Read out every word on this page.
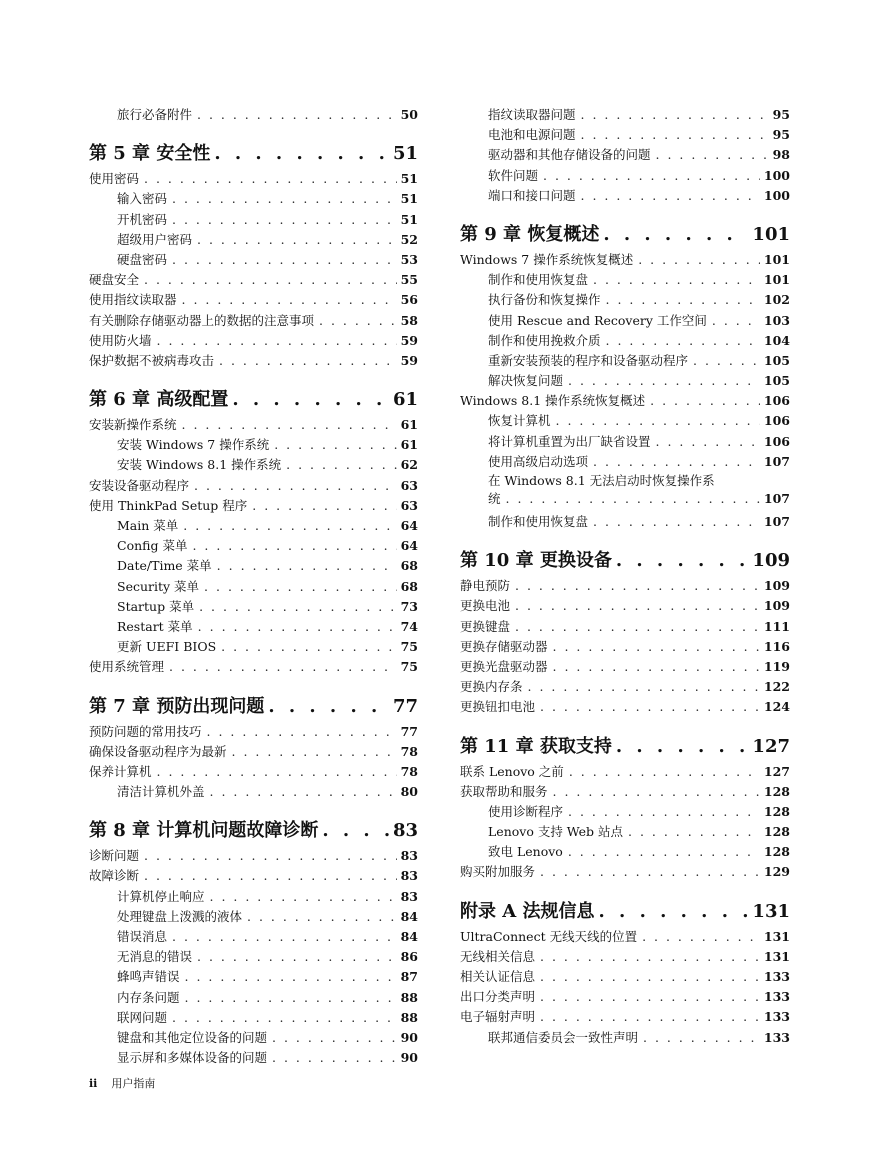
旅行必备附件 . . .	50
第 5 章 安全性 . . .	51
使用密码 . . .	51
输入密码 . . .	51
开机密码 . . .	51
超级用户密码 . . .	52
硬盘密码 . . .	53
硬盘安全 . . .	55
使用指纹读取器 . . .	56
有关删除存储驱动器上的数据的注意事项 . . .	58
使用防火墙 . . .	59
保护数据不被病毒攻击 . . .	59
第 6 章 高级配置 . . .	61
安装新操作系统 . . .	61
安装 Windows 7 操作系统 . . .	61
安装 Windows 8.1 操作系统 . . .	62
安装设备驱动程序 . . .	63
使用 ThinkPad Setup 程序 . . .	63
Main 菜单 . . .	64
Config 菜单 . . .	64
Date/Time 菜单 . . .	68
Security 菜单 . . .	68
Startup 菜单 . . .	73
Restart 菜单 . . .	74
更新 UEFI BIOS . . .	75
使用系统管理 . . .	75
第 7 章 预防出现问题 . . .	77
预防问题的常用技巧 . . .	77
确保设备驱动程序为最新 . . .	78
保养计算机 . . .	78
清洁计算机外盖 . . .	80
第 8 章 计算机问题故障诊断 . . .	83
诊断问题 . . .	83
故障诊断 . . .	83
计算机停止响应 . . .	83
处理键盘上泼溅的液体 . . .	84
错误消息 . . .	84
无消息的错误 . . .	86
蜂鸣声错误 . . .	87
内存条问题 . . .	88
联网问题 . . .	88
键盘和其他定位设备的问题 . . .	90
显示屏和多媒体设备的问题 . . .	90
指纹读取器问题 . . .	95
电池和电源问题 . . .	95
驱动器和其他存储设备的问题 . . .	98
软件问题 . . .	100
端口和接口问题 . . .	100
第 9 章 恢复概述 . . .	101
Windows 7 操作系统恢复概述 . . .	101
制作和使用恢复盘 . . .	101
执行备份和恢复操作 . . .	102
使用 Rescue and Recovery 工作空间 . . .	103
制作和使用挽救介质 . . .	104
重新安装预装的程序和设备驱动程序 . . .	105
解决恢复问题 . . .	105
Windows 8.1 操作系统恢复概述 . . .	106
恢复计算机 . . .	106
将计算机重置为出厂缺省设置 . . .	106
使用高级启动选项 . . .	107
在 Windows 8.1 无法启动时恢复操作系
统 . . .	107
制作和使用恢复盘 . . .	107
第 10 章 更换设备 . . .	109
静电预防 . . .	109
更换电池 . . .	109
更换键盘 . . .	111
更换存储驱动器 . . .	116
更换光盘驱动器 . . .	119
更换内存条 . . .	122
更换钮扣电池 . . .	124
第 11 章 获取支持 . . .	127
联系 Lenovo 之前 . . .	127
获取帮助和服务 . . .	128
使用诊断程序 . . .	128
Lenovo 支持 Web 站点 . . .	128
致电 Lenovo . . .	128
购买附加服务 . . .	129
附录 A 法规信息 . . .	131
UltraConnect 无线天线的位置 . . .	131
无线相关信息 . . .	131
相关认证信息 . . .	133
出口分类声明 . . .	133
电子辐射声明 . . .	133
联邦通信委员会一致性声明 . . .	133
ii 用户指南
